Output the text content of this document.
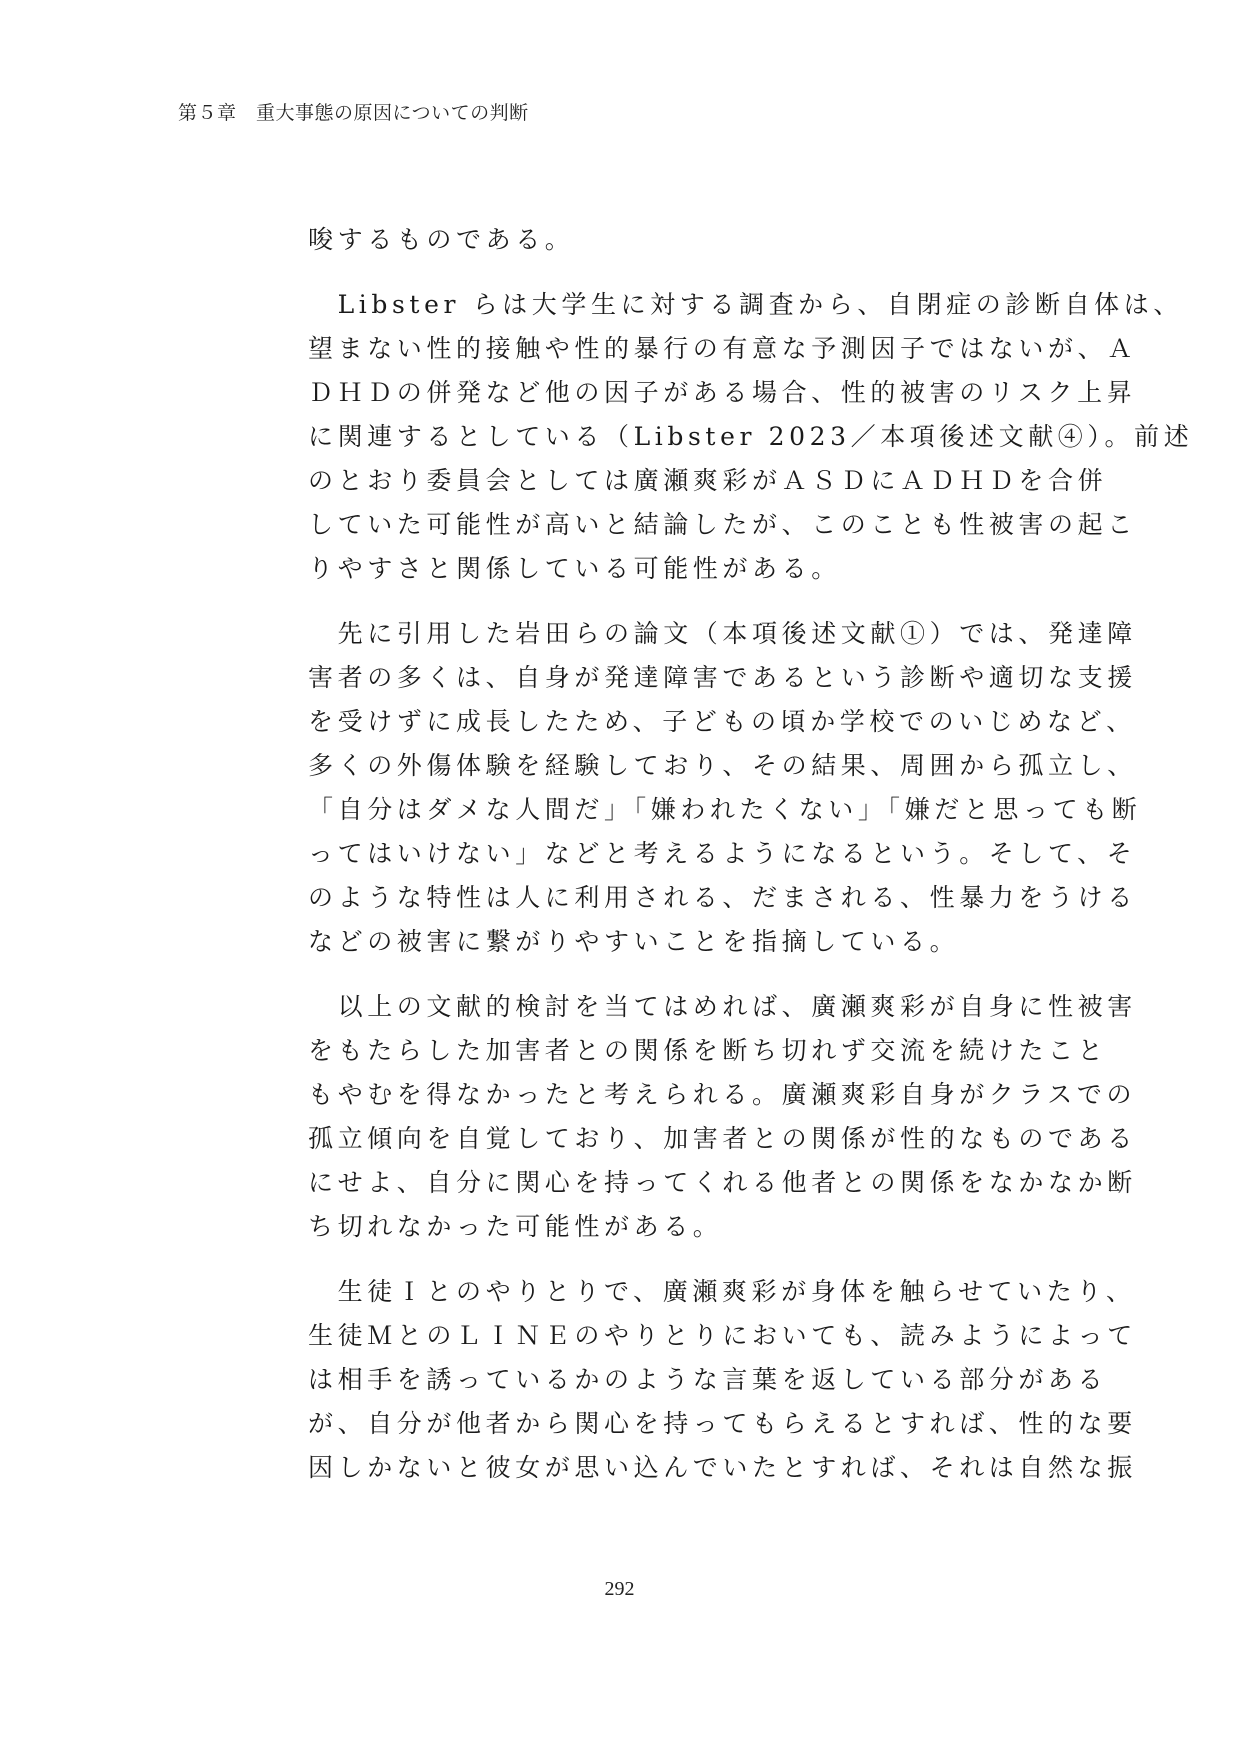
第５章　重大事態の原因についての判断

唆するものである。

　Libster らは大学生に対する調査から、自閉症の診断自体は、
望まない性的接触や性的暴行の有意な予測因子ではないが、Ａ
ＤＨＤの併発など他の因子がある場合、性的被害のリスク上昇
に関連するとしている（Libster 2023／本項後述文献④）。前述
のとおり委員会としては廣瀬爽彩がＡＳＤにＡＤＨＤを合併
していた可能性が高いと結論したが、このことも性被害の起こ
りやすさと関係している可能性がある。

　先に引用した岩田らの論文（本項後述文献①）では、発達障
害者の多くは、自身が発達障害であるという診断や適切な支援
を受けずに成長したため、子どもの頃か学校でのいじめなど、
多くの外傷体験を経験しており、その結果、周囲から孤立し、
「自分はダメな人間だ」「嫌われたくない」「嫌だと思っても断
ってはいけない」などと考えるようになるという。そして、そ
のような特性は人に利用される、だまされる、性暴力をうける
などの被害に繋がりやすいことを指摘している。

　以上の文献的検討を当てはめれば、廣瀬爽彩が自身に性被害
をもたらした加害者との関係を断ち切れず交流を続けたこと
もやむを得なかったと考えられる。廣瀬爽彩自身がクラスでの
孤立傾向を自覚しており、加害者との関係が性的なものである
にせよ、自分に関心を持ってくれる他者との関係をなかなか断
ち切れなかった可能性がある。

　生徒Ｉとのやりとりで、廣瀬爽彩が身体を触らせていたり、
生徒ＭとのＬＩＮＥのやりとりにおいても、読みようによって
は相手を誘っているかのような言葉を返している部分がある
が、自分が他者から関心を持ってもらえるとすれば、性的な要
因しかないと彼女が思い込んでいたとすれば、それは自然な振

292
